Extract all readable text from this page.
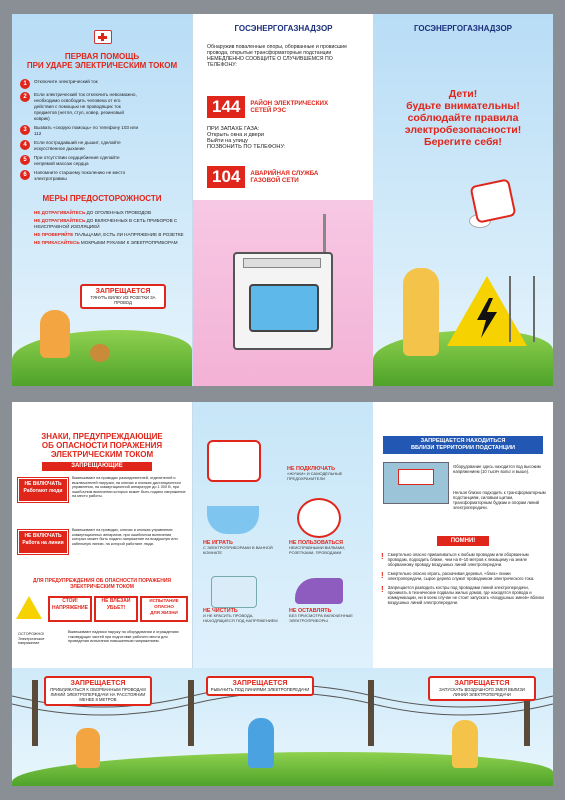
ПЕРВАЯ ПОМОЩЬ
ПРИ УДАРЕ ЭЛЕКТРИЧЕСКИМ ТОКОМ
1	Отключите электрический ток
2	Если электрический ток отключить невозможно, необходимо освободить человека от его действия с помощью не проводящих ток предметов (нетля, стул, ковер, резиновый коврик)
3	Вызвать «скорую помощь» по телефону 103 или 112
4	Если пострадавший не дышит, сделайте искусственное дыхание
5	При отсутствии сердцебиения сделайте непрямой массаж сердца
6	Напомните старшему поколению не место электротравмы
МЕРЫ ПРЕДОСТОРОЖНОСТИ
НЕ ДОТРАГИВАЙТЕСЬ ДО ОГОЛЕННЫХ ПРОВОДОВ
НЕ ДОТРАГИВАЙТЕСЬ ДО ВКЛЮЧЕННЫХ В СЕТЬ ПРИБОРОВ С НЕИСПРАВНОЙ ИЗОЛЯЦИЕЙ
НЕ ПРОВЕРЯЙТЕ ПАЛЬЦАМИ, ЕСТЬ ЛИ НАПРЯЖЕНИЕ В РОЗЕТКЕ
НЕ ПРИКАСАЙТЕСЬ МОКРЫМИ РУКАМИ К ЭЛЕКТРОПРИБОРАМ
ЗАПРЕЩАЕТСЯ
ТЯНУТЬ ВИЛКУ ИЗ РОЗЕТКИ ЗА ПРОВОД
ГОСЭНЕРГОГАЗНАДЗОР
Обнаружив поваленные опоры, оборванные и провисшие провода, открытые трансформаторные подстанции НЕМЕДЛЕННО СООБЩИТЕ О СЛУЧИВШЕМСЯ ПО ТЕЛЕФОНУ:
144	РАЙОН ЭЛЕКТРИЧЕСКИХ СЕТЕЙ РЭС
ПРИ ЗАПАХЕ ГАЗА:
Открыть окна и двери
Выйти на улицу
ПОЗВОНИТЬ ПО ТЕЛЕФОНУ:
104	АВАРИЙНАЯ СЛУЖБА ГАЗОВОЙ СЕТИ
ГОСЭНЕРГОГАЗНАДЗОР
Дети!
будьте внимательны!
соблюдайте правила
электробезопасности!
Берегите себя!
ЗНАКИ, ПРЕДУПРЕЖДАЮЩИЕ
ОБ ОПАСНОСТИ ПОРАЖЕНИЯ
ЭЛЕКТРИЧЕСКИМ ТОКОМ
ЗАПРЕЩАЮЩИЕ
НЕ ВКЛЮЧАТЬ
Работают люди
Вывешивают на приводах разъединителей, отделителей и выключателей нагрузки, на ключах и кнопках дистанционного управления, на коммутационной аппаратуре до 1 000 В, при ошибочном включении которых может быть подано напряжение на место работы.
НЕ ВКЛЮЧАТЬ
Работа на линии
Вывешивают на приводах, ключах и кнопках управления коммутационных аппаратов, при ошибочном включении которых может быть подано напряжение на воздушную или кабельную линию, на которой работают люди.
ДЛЯ ПРЕДУПРЕЖДЕНИЯ ОБ ОПАСНОСТИ ПОРАЖЕНИЯ ЭЛЕКТРИЧЕСКИМ ТОКОМ
СТОЙ!
НАПРЯЖЕНИЕ
НЕ ВЛЕЗАЙ
УБЬЕТ!
ИСПЫТАНИЕ
ОПАСНО
ДЛЯ ЖИЗНИ
ОСТОРОЖНО!
Электрическое напряжение
Вывешивают надписи наружу на оборудовании и ограждениях токоведущих частей при подготовке рабочего места для проведения испытания повышенным напряжением.
НЕ ПОДКЛЮЧАТЬ
«ЖУЧКИ» И САМОДЕЛЬНЫЕ ПРЕДОХРАНИТЕЛИ
НЕ ИГРАТЬ
С ЭЛЕКТРОПРИБОРАМИ В ВАННОЙ КОМНАТЕ
НЕ ПОЛЬЗОВАТЬСЯ
НЕИСПРАВНЫМИ ВИЛКАМИ, РОЗЕТКАМИ, ПРОВОДАМИ
НЕ ЧИСТИТЬ
И НЕ КРАСИТЬ ПРОВОДА, НАХОДЯЩИЕСЯ ПОД НАПРЯЖЕНИЕМ
НЕ ОСТАВЛЯТЬ
БЕЗ ПРИСМОТРА ВКЛЮЧЕННЫЕ ЭЛЕКТРОПРИБОРЫ
ЗАПРЕЩАЕТСЯ НАХОДИТЬСЯ
ВБЛИЗИ ТЕРРИТОРИИ ПОДСТАНЦИИ
Оборудование здесь находится под высоким напряжением (10 тысяч вольт и выше).
Нельзя близко подходить к трансформаторным подстанциям, силовым щитам, трансформаторным будкам и опорам линий электропередачи.
ПОМНИ!
! Смертельно опасно приваливаться к любым проводам или оборванным проводам, подходить ближе, чем на 8–10 метров к лежащему на земле оборванному проводу воздушных линий электропередачи.
! Смертельно опасно играть, раскачивая деревья, «близ» линии электропередачи, сырое дерево служит проводником электрического тока.
! Запрещается разводить костры под проводами линий электропередачи, проникать в технические подвалы жилых домов, где находятся провода и коммуникации, ни в коем случае не стоит запускать «воздушных змеев» вблизи воздушных линий электропередачи.
ЗАПРЕЩАЕТСЯ
ПРИБЛИЖАТЬСЯ К ОБОРВАННЫМ ПРОВОДАМ ЛИНИЙ ЭЛЕКТРОПЕРЕДАЧИ НА РАССТОЯНИИ МЕНЕЕ 8 МЕТРОВ
ЗАПРЕЩАЕТСЯ
РЫБАЧИТЬ ПОД ЛИНИЯМИ ЭЛЕКТРОПЕРЕДАЧИ
ЗАПРЕЩАЕТСЯ
ЗАПУСКАТЬ ВОЗДУШНОГО ЗМЕЯ ВБЛИЗИ ЛИНИЙ ЭЛЕКТРОПЕРЕДАЧИ
